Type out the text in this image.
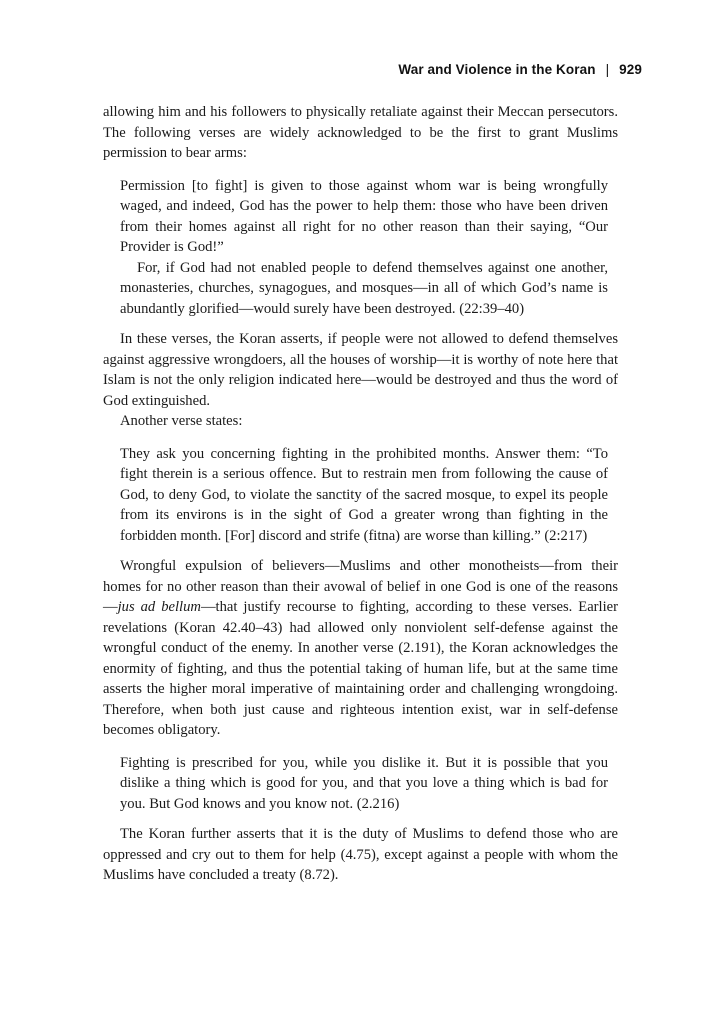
War and Violence in the Koran | 929

allowing him and his followers to physically retaliate against their Meccan persecutors. The following verses are widely acknowledged to be the first to grant Muslims permission to bear arms:

Permission [to fight] is given to those against whom war is being wrongfully waged, and indeed, God has the power to help them: those who have been driven from their homes against all right for no other reason than their saying, “Our Provider is God!”

For, if God had not enabled people to defend themselves against one another, monasteries, churches, synagogues, and mosques—in all of which God’s name is abundantly glorified—would surely have been destroyed. (22:39–40)

In these verses, the Koran asserts, if people were not allowed to defend themselves against aggressive wrongdoers, all the houses of worship—it is worthy of note here that Islam is not the only religion indicated here—would be destroyed and thus the word of God extinguished.

Another verse states:

They ask you concerning fighting in the prohibited months. Answer them: “To fight therein is a serious offence. But to restrain men from following the cause of God, to deny God, to violate the sanctity of the sacred mosque, to expel its people from its environs is in the sight of God a greater wrong than fighting in the forbidden month. [For] discord and strife (fitna) are worse than killing.” (2:217)

Wrongful expulsion of believers—Muslims and other monotheists—from their homes for no other reason than their avowal of belief in one God is one of the reasons—jus ad bellum—that justify recourse to fighting, according to these verses. Earlier revelations (Koran 42.40–43) had allowed only nonviolent self-defense against the wrongful conduct of the enemy. In another verse (2.191), the Koran acknowledges the enormity of fighting, and thus the potential taking of human life, but at the same time asserts the higher moral imperative of maintaining order and challenging wrongdoing. Therefore, when both just cause and righteous intention exist, war in self-defense becomes obligatory.

Fighting is prescribed for you, while you dislike it. But it is possible that you dislike a thing which is good for you, and that you love a thing which is bad for you. But God knows and you know not. (2.216)

The Koran further asserts that it is the duty of Muslims to defend those who are oppressed and cry out to them for help (4.75), except against a people with whom the Muslims have concluded a treaty (8.72).
